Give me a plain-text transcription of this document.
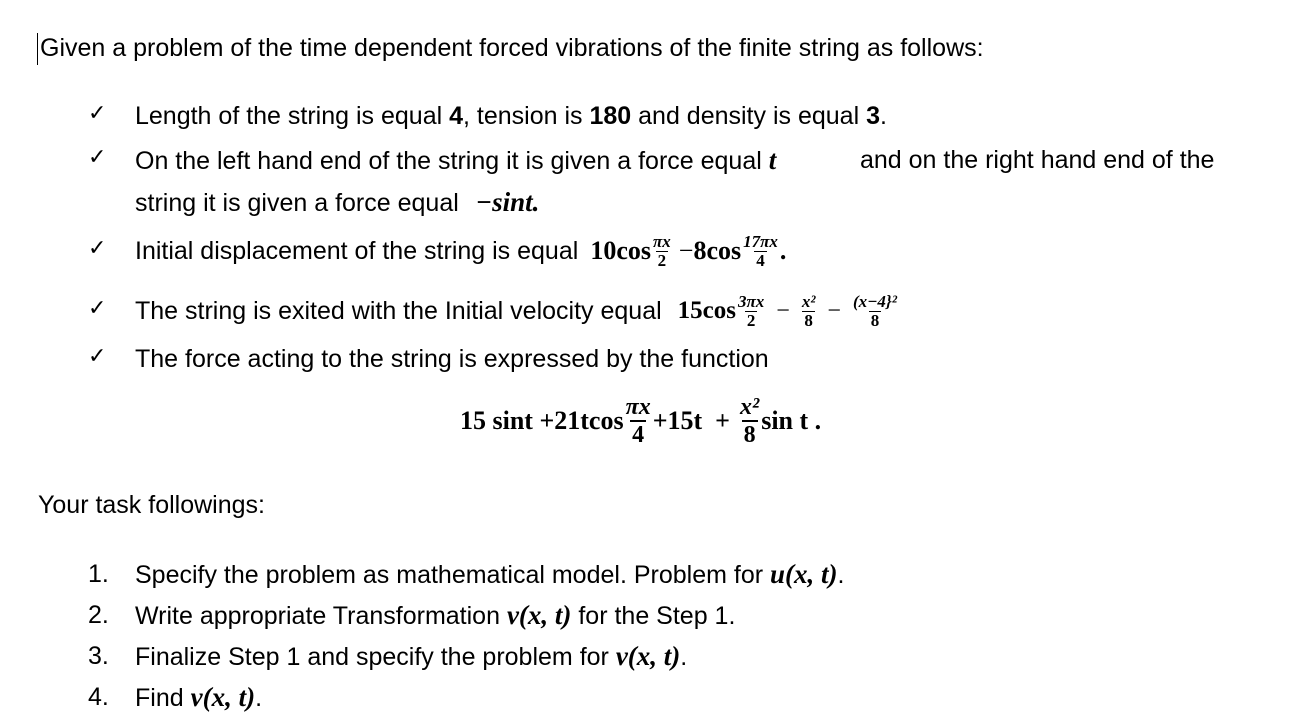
Given a problem of the time dependent forced vibrations of the finite string as follows:
✓ Length of the string is equal 4, tension is 180 and density is equal 3.
✓ On the left hand end of the string it is given a force equal t	and on the right hand end of the
string it is given a force equal −sint.
✓ Initial displacement of the string is equal $10\cos \frac{\pi x}{2} - 8\cos \frac{17\pi x}{4}$ .
✓ The string is exited with the Initial velocity equal $15\cos \frac{3\pi x}{2} - \frac{\text{x²}}{8} - \frac{\text{(x−4\}²}}{8}$
✓ The force acting to the string is expressed by the function
15 $\sin t +21tcos \frac{\pi x}{4} +15t + \frac{\text{x²}}{8}$ sin t .
Your task followings:
1. Specify the problem as mathematical model. Problem for u(x, t).
2. Write appropriate Transformation v(x, t) for the Step 1.
3. Finalize Step 1 and specify the problem for v(x, t).
4. Find v(x, t).
